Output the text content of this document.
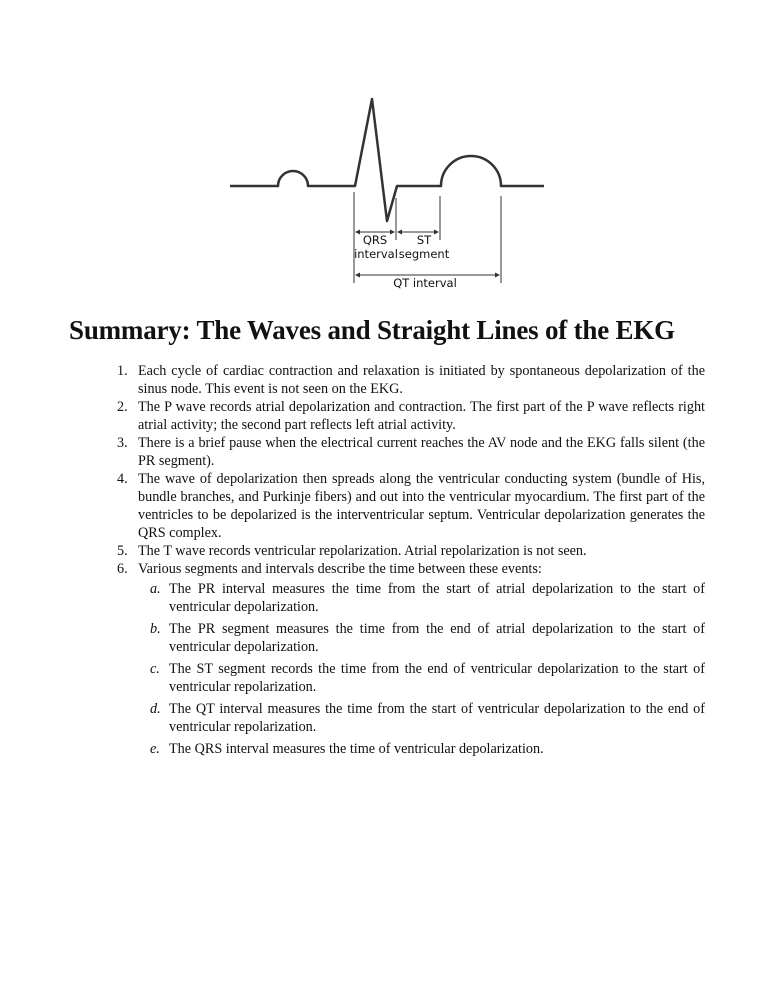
QRS
interval
ST
segment
QT interval
Summary: The Waves and Straight Lines of the EKG
1. Each cycle of cardiac contraction and relaxation is initiated by spontaneous depolarization of the sinus node. This event is not seen on the EKG.
2. The P wave records atrial depolarization and contraction. The first part of the P wave reflects right atrial activity; the second part reflects left atrial activity.
3. There is a brief pause when the electrical current reaches the AV node and the EKG falls silent (the PR segment).
4. The wave of depolarization then spreads along the ventricular conducting system (bundle of His, bundle branches, and Purkinje fibers) and out into the ventricular myocardium. The first part of the ventricles to be depolarized is the interventricular septum. Ventricular depolarization generates the QRS complex.
5. The T wave records ventricular repolarization. Atrial repolarization is not seen.
6. Various segments and intervals describe the time between these events:
a. The PR interval measures the time from the start of atrial depolarization to the start of ventricular depolarization.
b. The PR segment measures the time from the end of atrial depolarization to the start of ventricular depolarization.
c. The ST segment records the time from the end of ventricular depolarization to the start of ventricular repolarization.
d. The QT interval measures the time from the start of ventricular depolarization to the end of ventricular repolarization.
e. The QRS interval measures the time of ventricular depolarization.
